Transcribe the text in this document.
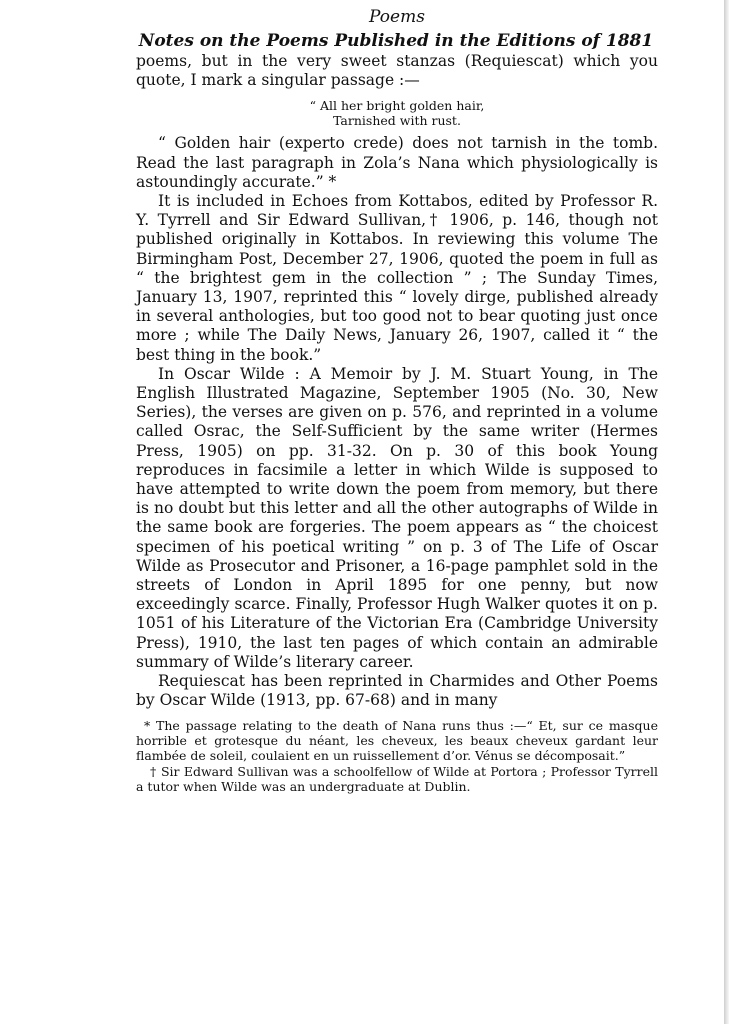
Poems
Notes on the Poems Published in the Editions of 1881

poems, but in the very sweet stanzas (Requiescat) which you quote, I mark a singular passage :—

“ All her bright golden hair,
Tarnished with rust.

“ Golden hair (experto crede) does not tarnish in the tomb. Read the last paragraph in Zola’s Nana which physiologically is astoundingly accurate.” *

It is included in Echoes from Kottabos, edited by Professor R. Y. Tyrrell and Sir Edward Sullivan,† 1906, p. 146, though not published originally in Kottabos. In reviewing this volume The Birmingham Post, December 27, 1906, quoted the poem in full as “ the brightest gem in the collection ” ; The Sunday Times, January 13, 1907, reprinted this “ lovely dirge, published already in several anthologies, but too good not to bear quoting just once more ; while The Daily News, January 26, 1907, called it “ the best thing in the book.”

In Oscar Wilde : A Memoir by J. M. Stuart Young, in The English Illustrated Magazine, September 1905 (No. 30, New Series), the verses are given on p. 576, and reprinted in a volume called Osrac, the Self-Sufficient by the same writer (Hermes Press, 1905) on pp. 31-32. On p. 30 of this book Young reproduces in facsimile a letter in which Wilde is supposed to have attempted to write down the poem from memory, but there is no doubt but this letter and all the other autographs of Wilde in the same book are forgeries. The poem appears as “ the choicest specimen of his poetical writing ” on p. 3 of The Life of Oscar Wilde as Prosecutor and Prisoner, a 16-page pamphlet sold in the streets of London in April 1895 for one penny, but now exceedingly scarce. Finally, Professor Hugh Walker quotes it on p. 1051 of his Literature of the Victorian Era (Cambridge University Press), 1910, the last ten pages of which contain an admirable summary of Wilde’s literary career.

Requiescat has been reprinted in Charmides and Other Poems by Oscar Wilde (1913, pp. 67-68) and in many

* The passage relating to the death of Nana runs thus :—“ Et, sur ce masque horrible et grotesque du néant, les cheveux, les beaux cheveux gardant leur flambée de soleil, coulaient en un ruissellement d’or. Vénus se décomposait.”

† Sir Edward Sullivan was a schoolfellow of Wilde at Portora ; Professor Tyrrell a tutor when Wilde was an undergraduate at Dublin.
